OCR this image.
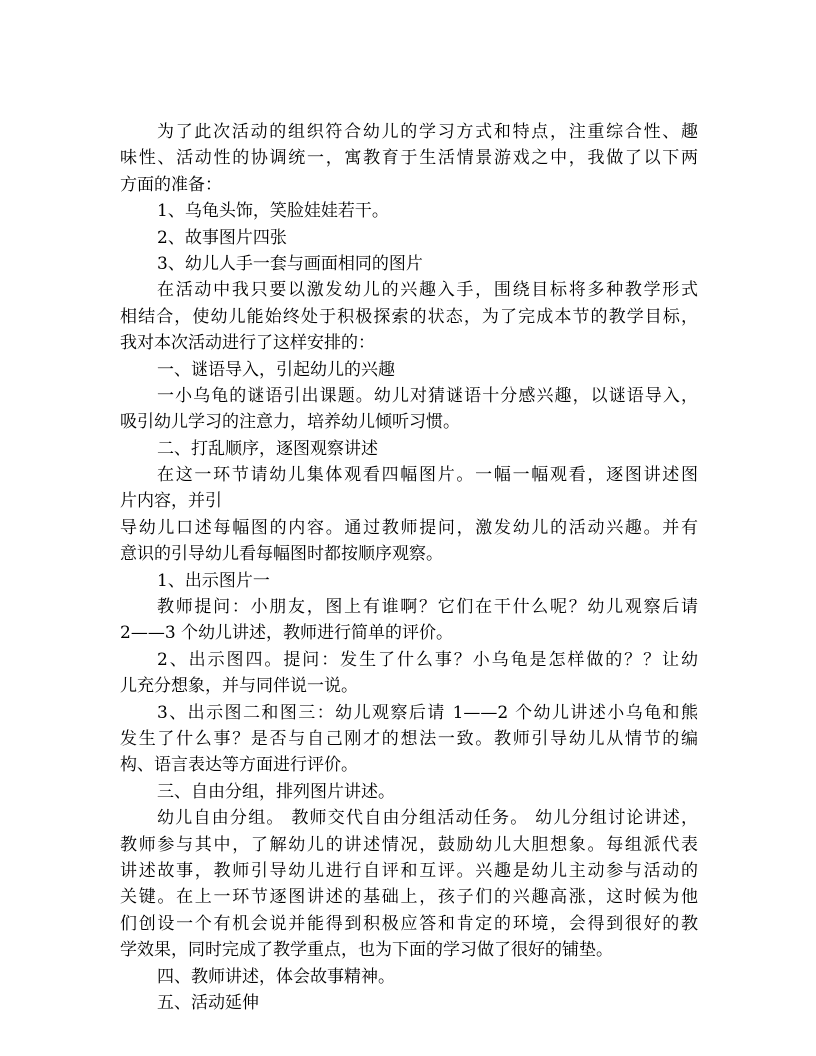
为了此次活动的组织符合幼儿的学习方式和特点，注重综合性、趣
味性、活动性的协调统一，寓教育于生活情景游戏之中，我做了以下两
方面的准备：
1、乌龟头饰，笑脸娃娃若干。
2、故事图片四张
3、幼儿人手一套与画面相同的图片
在活动中我只要以激发幼儿的兴趣入手，围绕目标将多种教学形式
相结合，使幼儿能始终处于积极探索的状态，为了完成本节的教学目标，
我对本次活动进行了这样安排的：
一、谜语导入，引起幼儿的兴趣
一小乌龟的谜语引出课题。幼儿对猜谜语十分感兴趣，以谜语导入，
吸引幼儿学习的注意力，培养幼儿倾听习惯。
二、打乱顺序，逐图观察讲述
在这一环节请幼儿集体观看四幅图片。一幅一幅观看，逐图讲述图
片内容，并引
导幼儿口述每幅图的内容。通过教师提问，激发幼儿的活动兴趣。并有
意识的引导幼儿看每幅图时都按顺序观察。
1、出示图片一
教师提问：小朋友，图上有谁啊？它们在干什么呢？幼儿观察后请
2——3 个幼儿讲述，教师进行简单的评价。
2、出示图四。提问：发生了什么事？小乌龟是怎样做的？？让幼
儿充分想象，并与同伴说一说。
3、出示图二和图三：幼儿观察后请 1——2 个幼儿讲述小乌龟和熊
发生了什么事？是否与自己刚才的想法一致。教师引导幼儿从情节的编
构、语言表达等方面进行评价。
三、自由分组，排列图片讲述。
幼儿自由分组。 教师交代自由分组活动任务。 幼儿分组讨论讲述，
教师参与其中，了解幼儿的讲述情况，鼓励幼儿大胆想象。每组派代表
讲述故事，教师引导幼儿进行自评和互评。兴趣是幼儿主动参与活动的
关键。在上一环节逐图讲述的基础上，孩子们的兴趣高涨，这时候为他
们创设一个有机会说并能得到积极应答和肯定的环境，会得到很好的教
学效果，同时完成了教学重点，也为下面的学习做了很好的铺垫。
四、教师讲述，体会故事精神。
五、活动延伸
